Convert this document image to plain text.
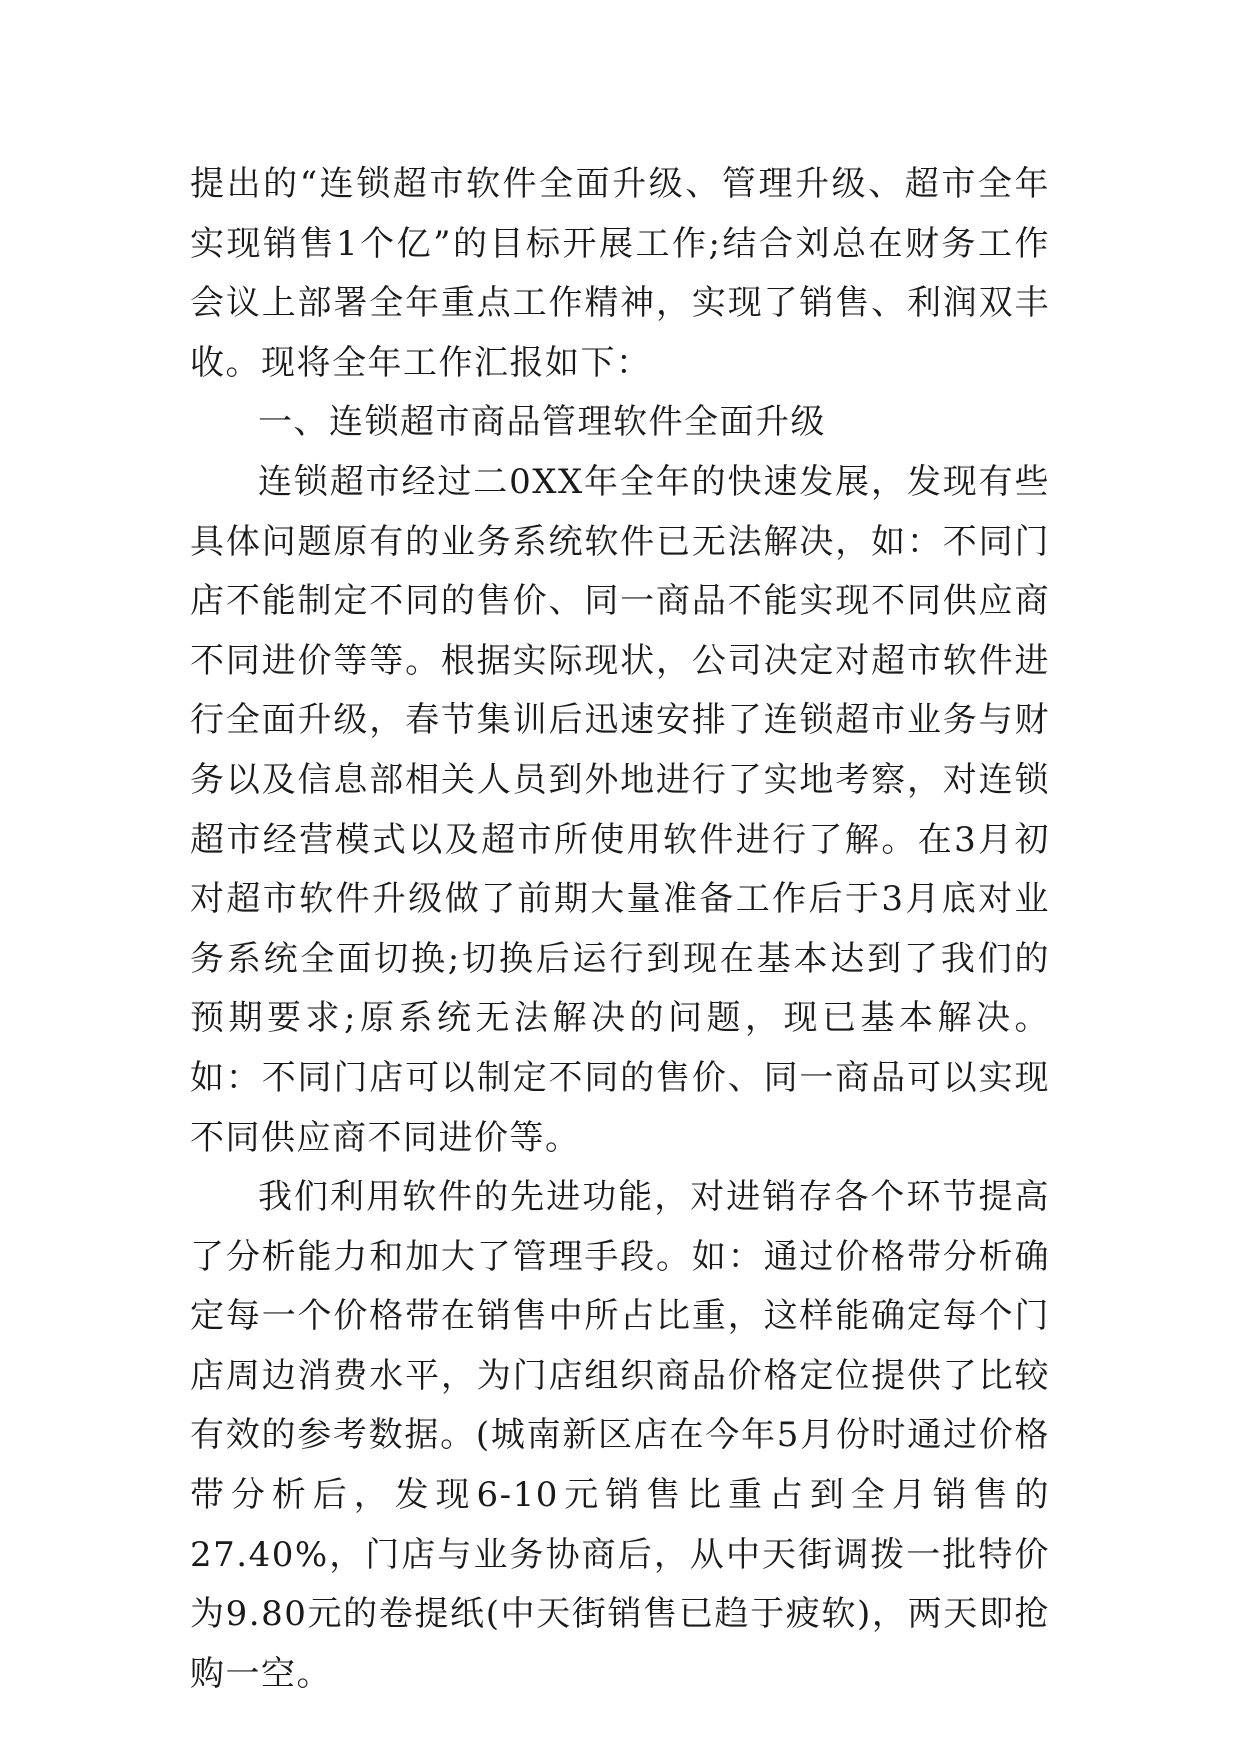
提出的“连锁超市软件全面升级、管理升级、超市全年实现销售1个亿”的目标开展工作;结合刘总在财务工作会议上部署全年重点工作精神，实现了销售、利润双丰收。现将全年工作汇报如下：

一、连锁超市商品管理软件全面升级

连锁超市经过二0XX年全年的快速发展，发现有些具体问题原有的业务系统软件已无法解决，如：不同门店不能制定不同的售价、同一商品不能实现不同供应商不同进价等等。根据实际现状，公司决定对超市软件进行全面升级，春节集训后迅速安排了连锁超市业务与财务以及信息部相关人员到外地进行了实地考察，对连锁超市经营模式以及超市所使用软件进行了解。在3月初对超市软件升级做了前期大量准备工作后于3月底对业务系统全面切换;切换后运行到现在基本达到了我们的预期要求;原系统无法解决的问题，现已基本解决。如：不同门店可以制定不同的售价、同一商品可以实现不同供应商不同进价等。

我们利用软件的先进功能，对进销存各个环节提高了分析能力和加大了管理手段。如：通过价格带分析确定每一个价格带在销售中所占比重，这样能确定每个门店周边消费水平，为门店组织商品价格定位提供了比较有效的参考数据。(城南新区店在今年5月份时通过价格带分析后，发现6-10元销售比重占到全月销售的27.40%，门店与业务协商后，从中天街调拨一批特价为9.80元的卷提纸(中天街销售已趋于疲软)，两天即抢购一空。
